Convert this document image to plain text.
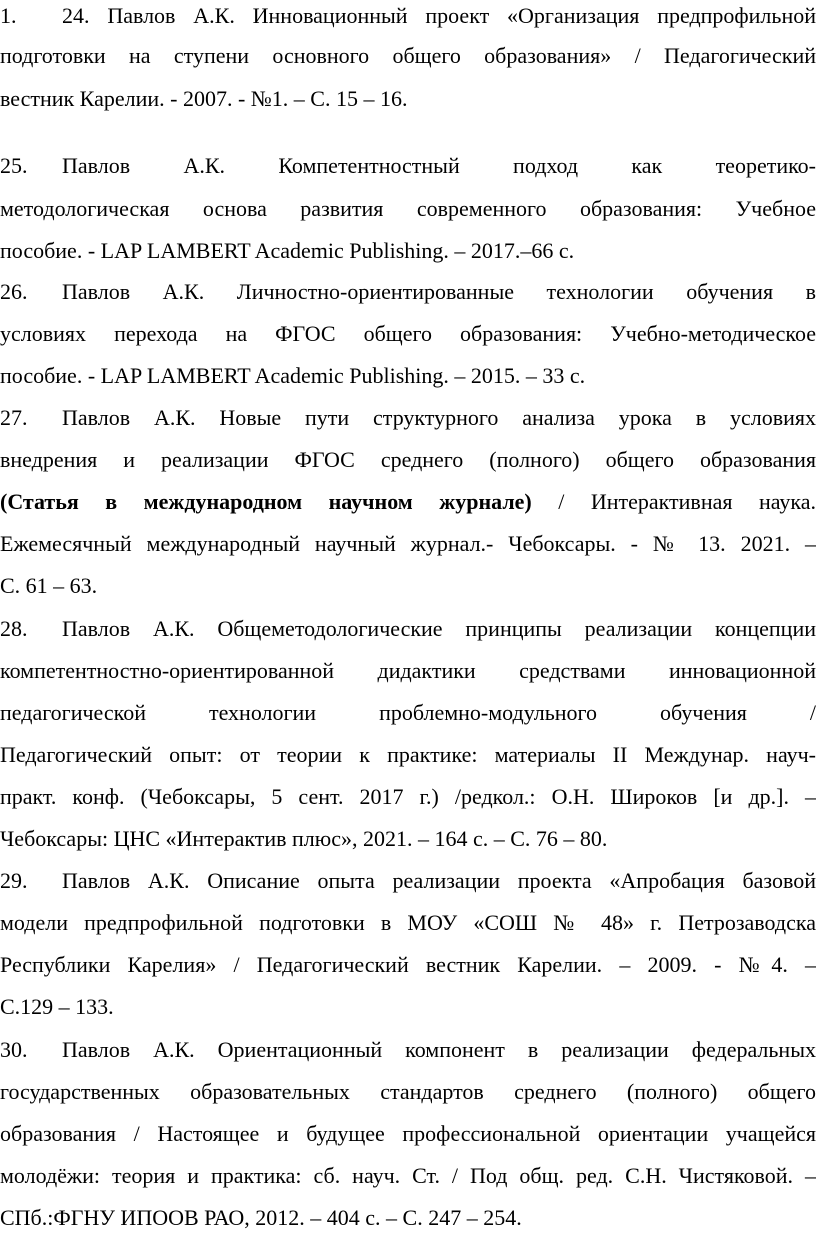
1. 24. Павлов А.К. Инновационный проект «Организация предпрофильной
подготовки на ступени основного общего образования» / Педагогический
вестник Карелии. - 2007. - №1. – С. 15 – 16.
25. Павлов А.К. Компетентностный подход как теоретико-
методологическая основа развития современного образования: Учебное
пособие. - LAP LAMBERT Academic Publishing. – 2017.–66 с.
26. Павлов А.К. Личностно-ориентированные технологии обучения в
условиях перехода на ФГОС общего образования: Учебно-методическое
пособие. - LAP LAMBERT Academic Publishing. – 2015. – 33 с.
27. Павлов А.К. Новые пути структурного анализа урока в условиях
внедрения и реализации ФГОС среднего (полного) общего образования
(Статья в международном научном журнале) / Интерактивная наука.
Ежемесячный международный научный журнал.- Чебоксары. - № 13. 2021. –
С. 61 – 63.
28. Павлов А.К. Общеметодологические принципы реализации концепции
компетентностно-ориентированной дидактики средствами инновационной
педагогической технологии проблемно-модульного обучения /
Педагогический опыт: от теории к практике: материалы II Междунар. науч-
практ. конф. (Чебоксары, 5 сент. 2017 г.) /редкол.: О.Н. Широков [и др.]. –
Чебоксары: ЦНС «Интерактив плюс», 2021. – 164 с. – С. 76 – 80.
29. Павлов А.К. Описание опыта реализации проекта «Апробация базовой
модели предпрофильной подготовки в МОУ «СОШ № 48» г. Петрозаводска
Республики Карелия» / Педагогический вестник Карелии. – 2009. - №4. –
С.129 – 133.
30. Павлов А.К. Ориентационный компонент в реализации федеральных
государственных образовательных стандартов среднего (полного) общего
образования / Настоящее и будущее профессиональной ориентации учащейся
молодёжи: теория и практика: сб. науч. Ст. / Под общ. ред. С.Н. Чистяковой. –
СПб.:ФГНУ ИПООВ РАО, 2012. – 404 с. – С. 247 – 254.
